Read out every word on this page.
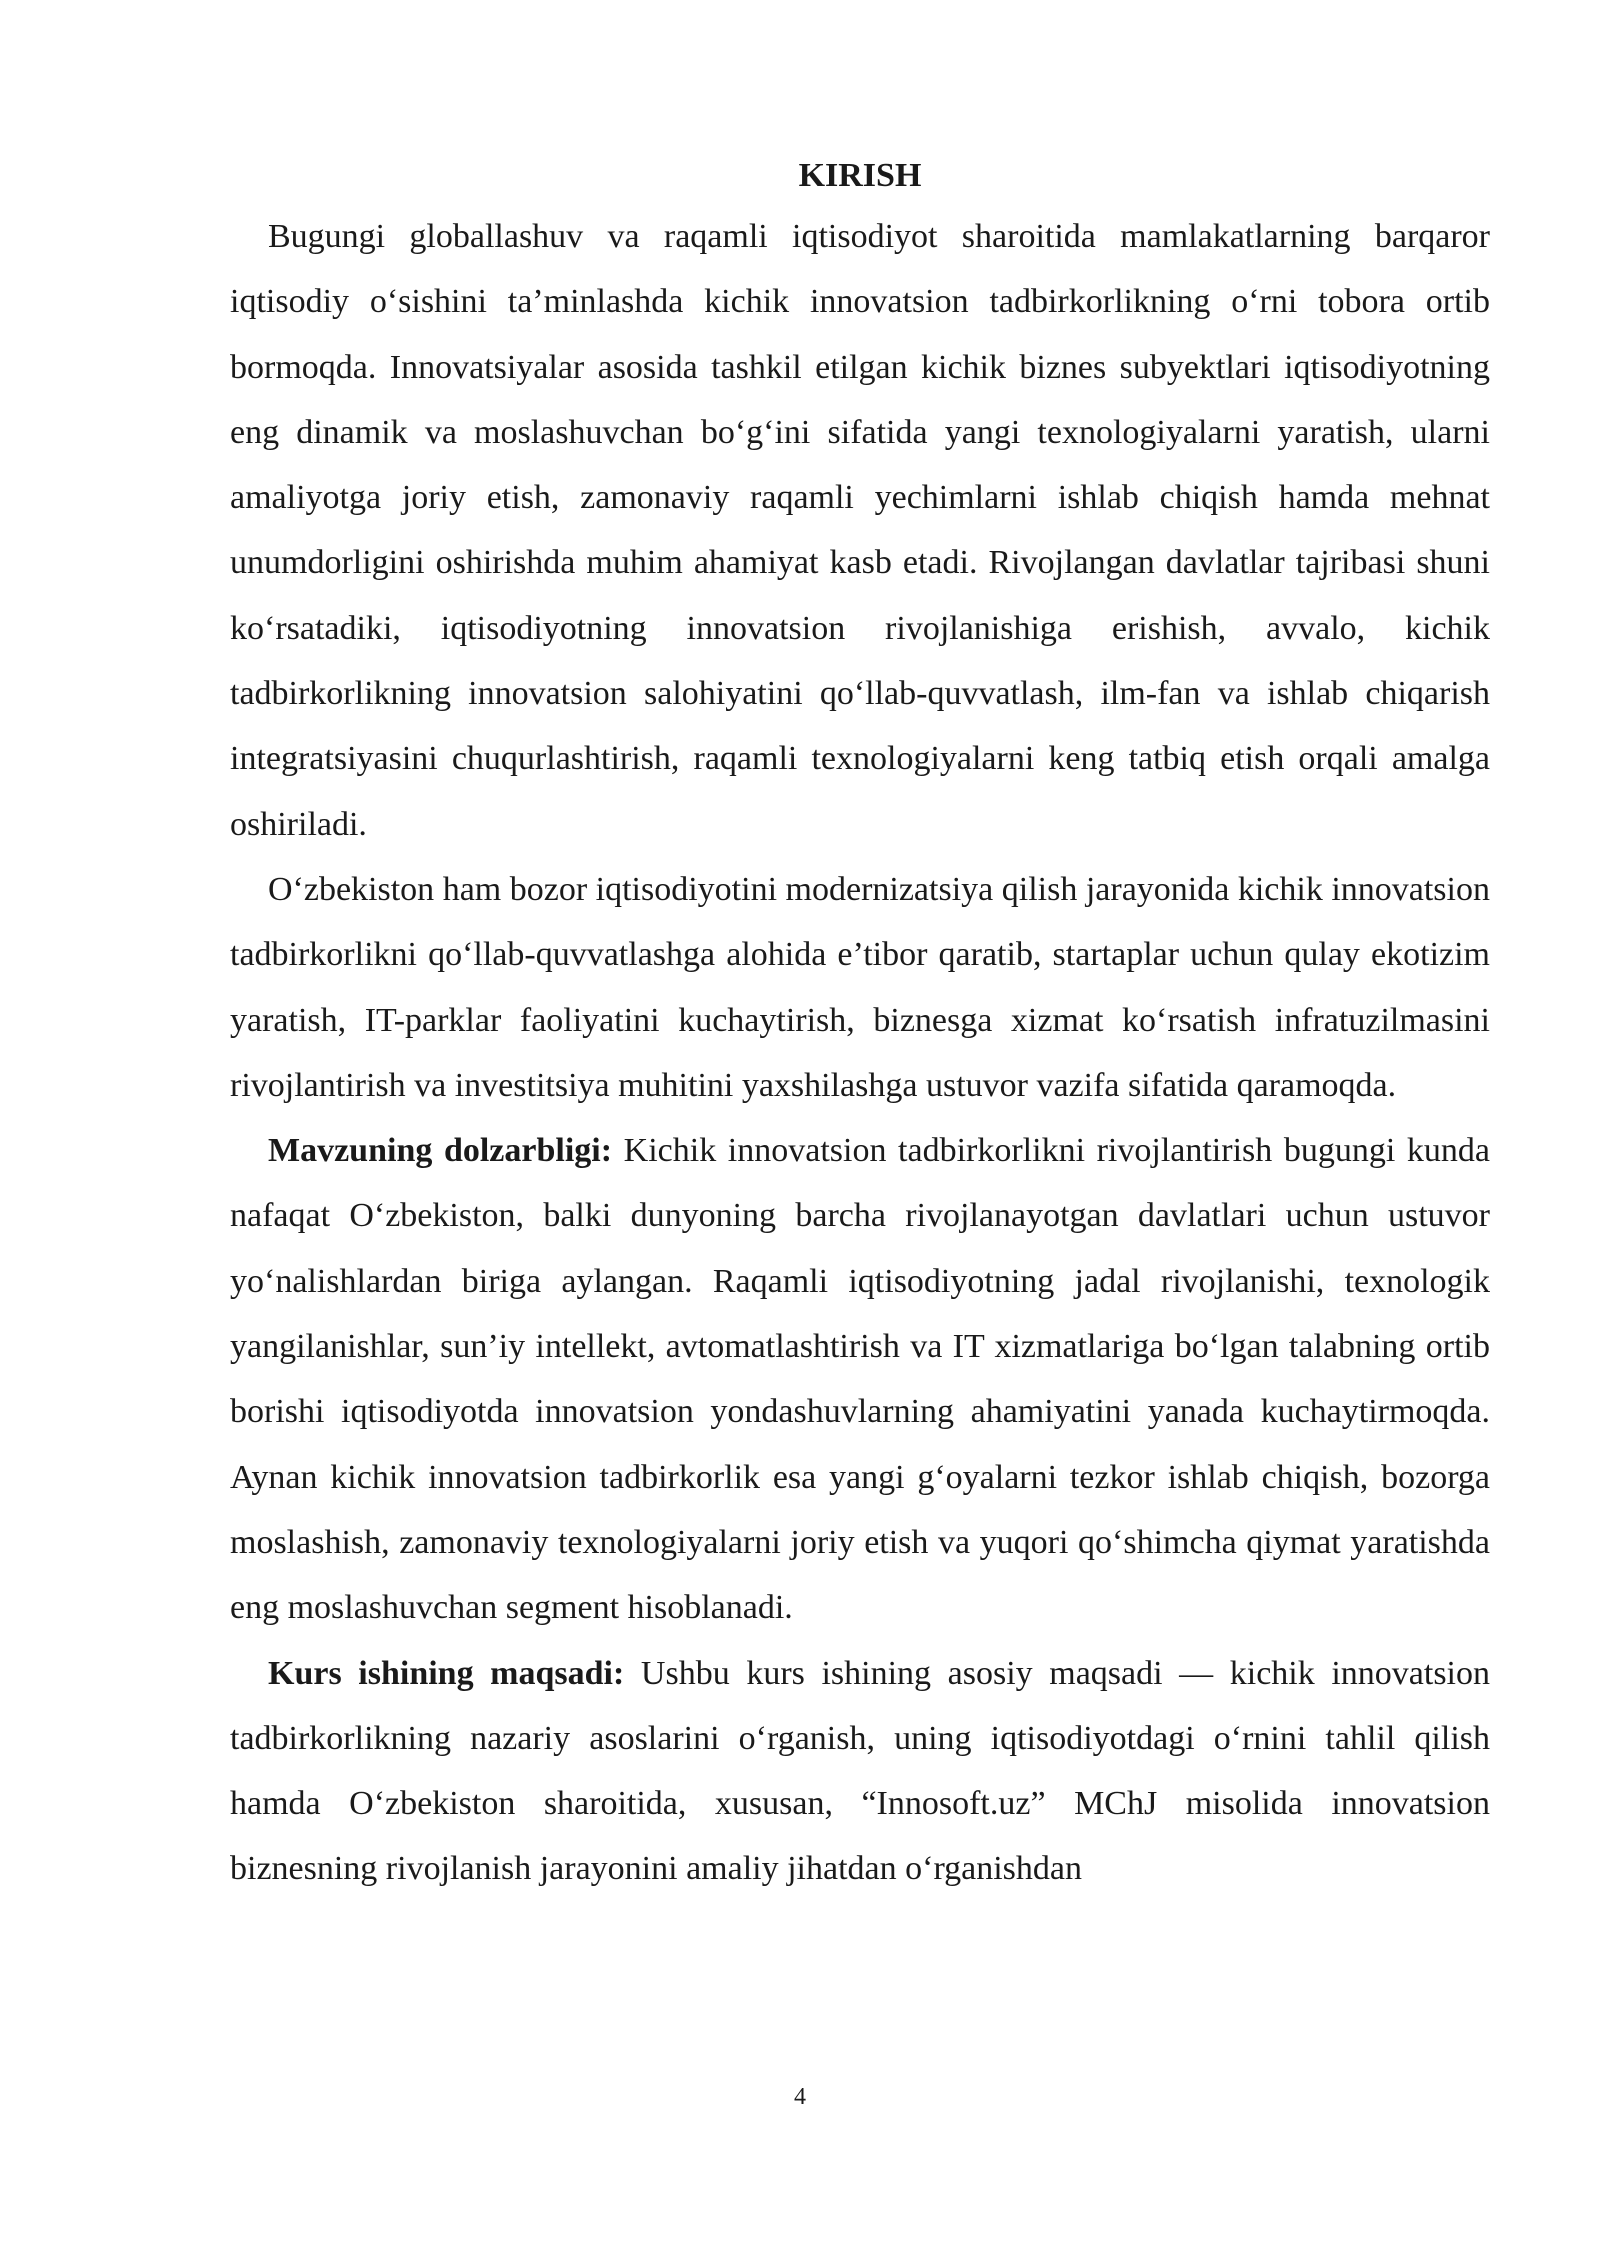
KIRISH

Bugungi globallashuv va raqamli iqtisodiyot sharoitida mamlakatlarning barqaror iqtisodiy o‘sishini ta’minlashda kichik innovatsion tadbirkorlikning o‘rni tobora ortib bormoqda. Innovatsiyalar asosida tashkil etilgan kichik biznes subyektlari iqtisodiyotning eng dinamik va moslashuvchan bo‘g‘ini sifatida yangi texnologiyalarni yaratish, ularni amaliyotga joriy etish, zamonaviy raqamli yechimlarni ishlab chiqish hamda mehnat unumdorligini oshirishda muhim ahamiyat kasb etadi. Rivojlangan davlatlar tajribasi shuni ko‘rsatadiki, iqtisodiyotning innovatsion rivojlanishiga erishish, avvalo, kichik tadbirkorlikning innovatsion salohiyatini qo‘llab-quvvatlash, ilm-fan va ishlab chiqarish integratsiyasini chuqurlashtirish, raqamli texnologiyalarni keng tatbiq etish orqali amalga oshiriladi.

O‘zbekiston ham bozor iqtisodiyotini modernizatsiya qilish jarayonida kichik innovatsion tadbirkorlikni qo‘llab-quvvatlashga alohida e’tibor qaratib, startaplar uchun qulay ekotizim yaratish, IT-parklar faoliyatini kuchaytirish, biznesga xizmat ko‘rsatish infratuzilmasini rivojlantirish va investitsiya muhitini yaxshilashga ustuvor vazifa sifatida qaramoqda.

Mavzuning dolzarbligi: Kichik innovatsion tadbirkorlikni rivojlantirish bugungi kunda nafaqat O‘zbekiston, balki dunyoning barcha rivojlanayotgan davlatlari uchun ustuvor yo‘nalishlardan biriga aylangan. Raqamli iqtisodiyotning jadal rivojlanishi, texnologik yangilanishlar, sun’iy intellekt, avtomatlashtirish va IT xizmatlariga bo‘lgan talabning ortib borishi iqtisodiyotda innovatsion yondashuvlarning ahamiyatini yanada kuchaytirmoqda. Aynan kichik innovatsion tadbirkorlik esa yangi g‘oyalarni tezkor ishlab chiqish, bozorga moslashish, zamonaviy texnologiyalarni joriy etish va yuqori qo‘shimcha qiymat yaratishda eng moslashuvchan segment hisoblanadi.

Kurs ishining maqsadi: Ushbu kurs ishining asosiy maqsadi — kichik innovatsion tadbirkorlikning nazariy asoslarini o‘rganish, uning iqtisodiyotdagi o‘rnini tahlil qilish hamda O‘zbekiston sharoitida, xususan, “Innosoft.uz” MChJ misolida innovatsion biznesning rivojlanish jarayonini amaliy jihatdan o‘rganishdan

4
